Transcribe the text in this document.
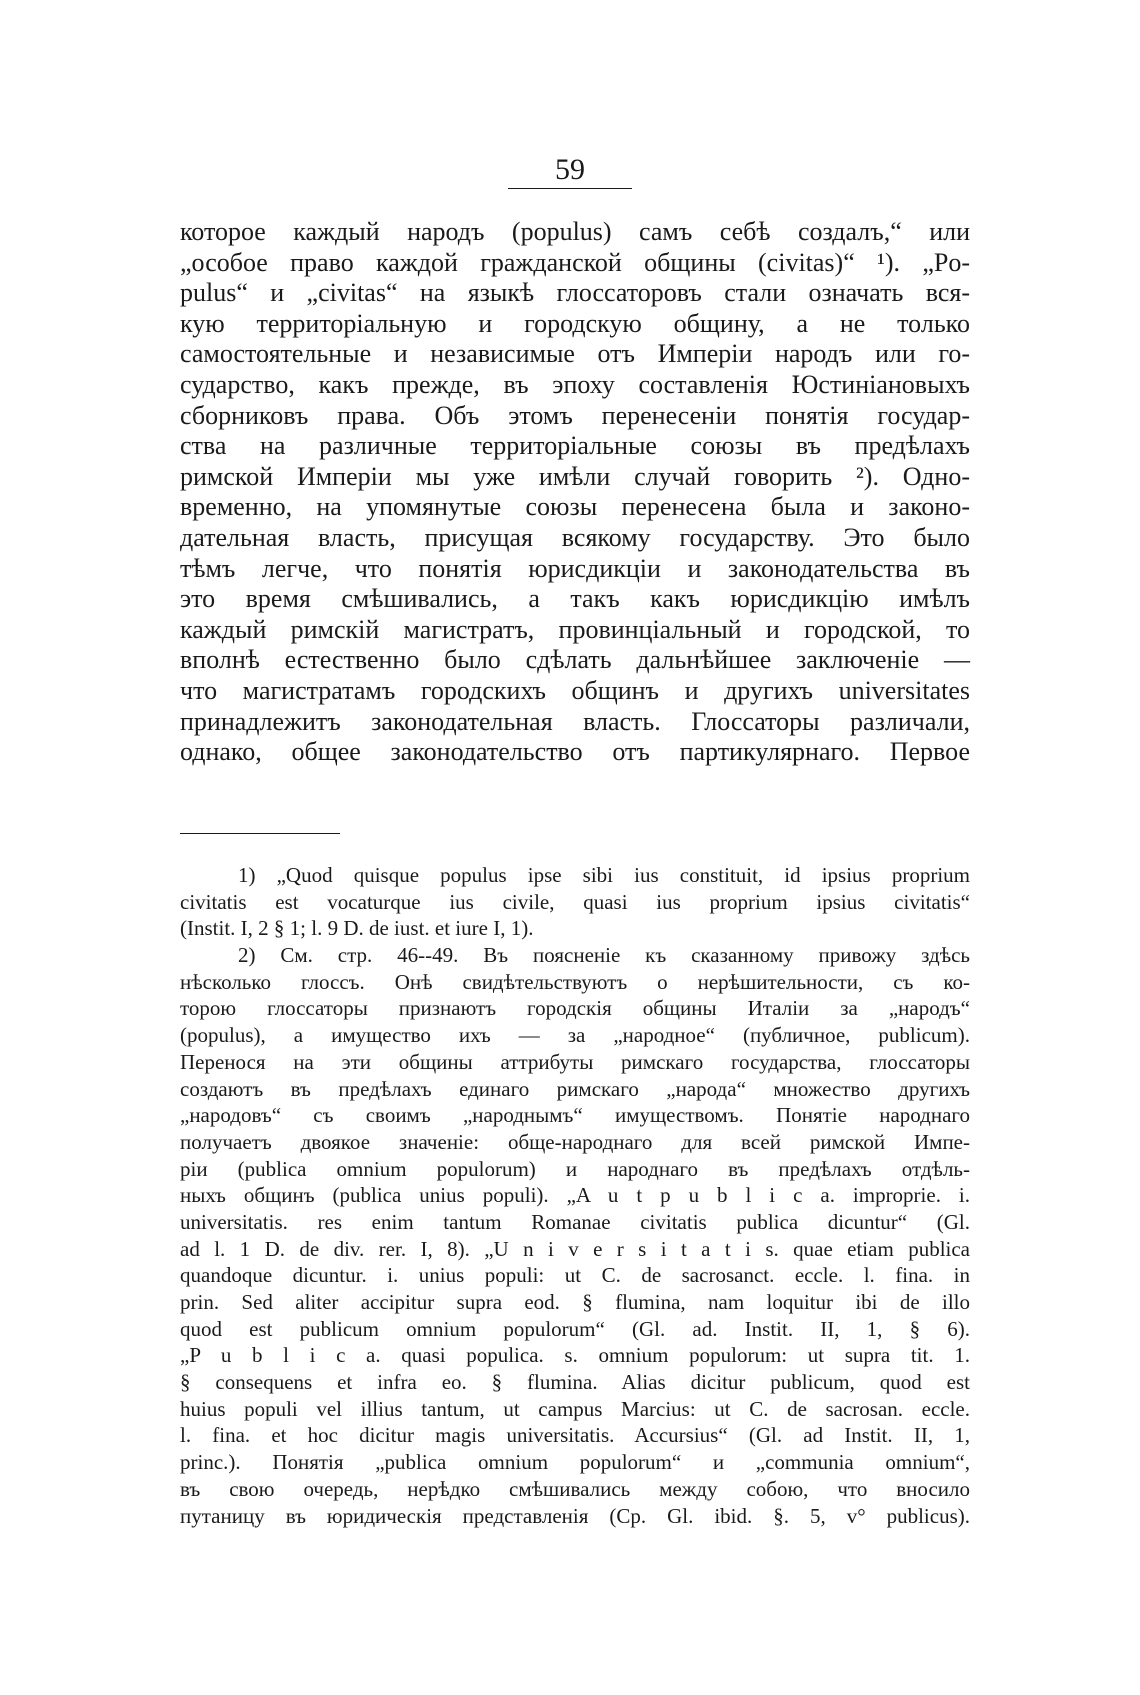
59
которое каждый народъ (populus) самъ себѣ создалъ,“ или
„особое право каждой гражданской общины (civitas)“ ¹). „Po-
pulus“ и „civitas“ на языкѣ глоссаторовъ стали означать вся-
кую территоріальную и городскую общину, а не только
самостоятельные и независимые отъ Имперіи народъ или го-
сударство, какъ прежде, въ эпоху составленія Юстиніановыхъ
сборниковъ права. Объ этомъ перенесеніи понятія государ-
ства на различные территоріальные союзы въ предѣлахъ
римской Имперіи мы уже имѣли случай говорить ²). Одно-
временно, на упомянутые союзы перенесена была и законо-
дательная власть, присущая всякому государству. Это было
тѣмъ легче, что понятія юрисдикціи и законодательства въ
это время смѣшивались, а такъ какъ юрисдикцію имѣлъ
каждый римскій магистратъ, провинціальный и городской, то
вполнѣ естественно было сдѣлать дальнѣйшее заключеніе —
что магистратамъ городскихъ общинъ и другихъ universitates
принадлежитъ законодательная власть. Глоссаторы различали,
однако, общее законодательство отъ партикулярнаго. Первое
1) „Quod quisque populus ipse sibi ius constituit, id ipsius proprium
civitatis est vocaturque ius civile, quasi ius proprium ipsius civitatis“
(Instit. I, 2 § 1; l. 9 D. de iust. et iure I, 1).
2) См. стр. 46--49. Въ поясненіе къ сказанному привожу здѣсь
нѣсколько глоссъ. Онѣ свидѣтельствуютъ о нерѣшительности, съ ко-
торою глоссаторы признаютъ городскія общины Италіи за „народъ“
(populus), а имущество ихъ — за „народное“ (публичное, publicum).
Перенося на эти общины аттрибуты римскаго государства, глоссаторы
создаютъ въ предѣлахъ единаго римскаго „народа“ множество другихъ
„народовъ“ съ своимъ „народнымъ“ имуществомъ. Понятіе народнаго
получаетъ двоякое значеніе: обще-народнаго для всей римской Импе-
ріи (publica omnium populorum) и народнаго въ предѣлахъ отдѣль-
ныхъ общинъ (publica unius populi). „A u t p u b l i c a. improprie. i.
universitatis. res enim tantum Romanae civitatis publica dicuntur“ (Gl.
ad l. 1 D. de div. rer. I, 8). „U n i v e r s i t a t i s. quae etiam publica
quandoque dicuntur. i. unius populi: ut C. de sacrosanct. eccle. l. fina. in
prin. Sed aliter accipitur supra eod. § flumina, nam loquitur ibi de illo
quod est publicum omnium populorum“ (Gl. ad. Instit. II, 1, § 6).
„P u b l i c a. quasi populica. s. omnium populorum: ut supra tit. 1.
§ consequens et infra eo. § flumina. Alias dicitur publicum, quod est
huius populi vel illius tantum, ut campus Marcius: ut C. de sacrosan. eccle.
l. fina. et hoc dicitur magis universitatis. Accursius“ (Gl. ad Instit. II, 1,
princ.). Понятія „publica omnium populorum“ и „communia omnium“,
въ свою очередь, нерѣдко смѣшивались между собою, что вносило
путаницу въ юридическія представленія (Ср. Gl. ibid. §. 5, v° publicus).
